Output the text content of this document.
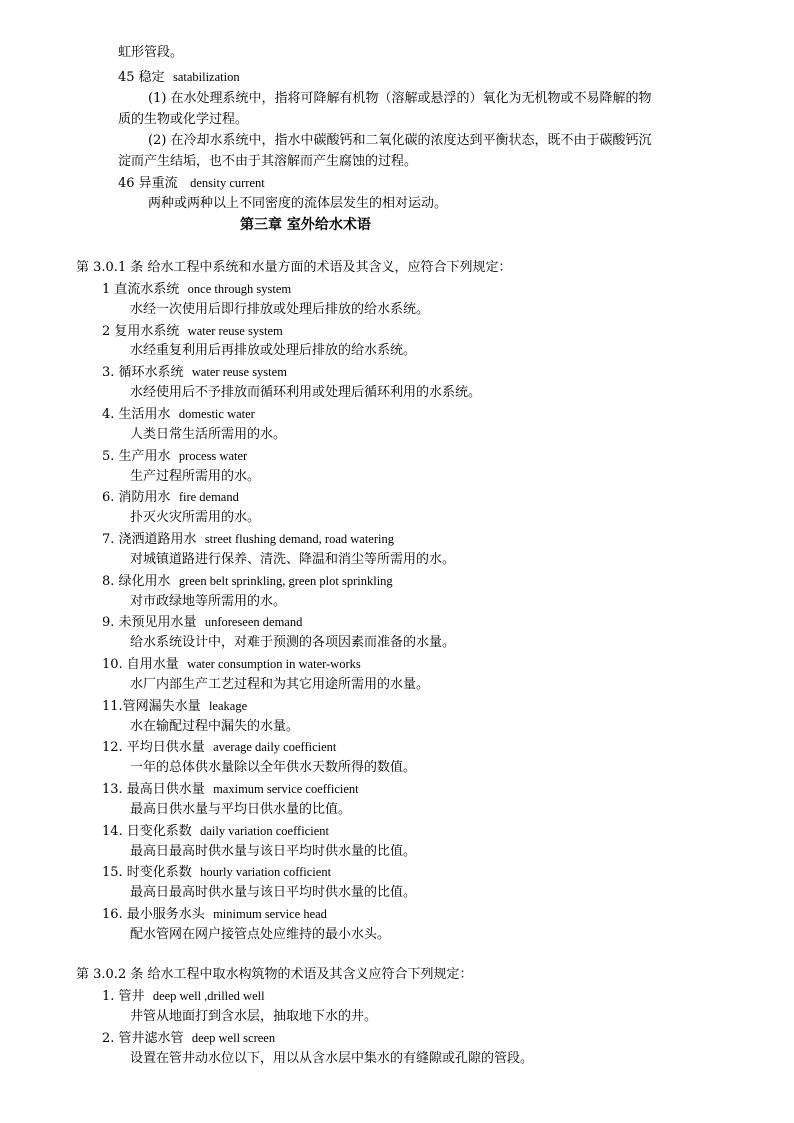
虹形管段。
45 稳定 satabilization
(1) 在水处理系统中，指将可降解有机物（溶解或悬浮的）氧化为无机物或不易降解的物
质的生物或化学过程。
(2) 在冷却水系统中，指水中碳酸钙和二氧化碳的浓度达到平衡状态，既不由于碳酸钙沉
淀而产生结垢，也不由于其溶解而产生腐蚀的过程。
46 异重流 density current
两种或两种以上不同密度的流体层发生的相对运动。
第三章 室外给水术语
第 3.0.1 条 给水工程中系统和水量方面的术语及其含义，应符合下列规定：
1 直流水系统 once through system
水经一次使用后即行排放或处理后排放的给水系统。
2 复用水系统 water reuse system
水经重复利用后再排放或处理后排放的给水系统。
3. 循环水系统 water reuse system
水经使用后不予排放而循环利用或处理后循环利用的水系统。
4. 生活用水 domestic water
人类日常生活所需用的水。
5. 生产用水 process water
生产过程所需用的水。
6. 消防用水 fire demand
扑灭火灾所需用的水。
7. 浇洒道路用水 street flushing demand, road watering
对城镇道路进行保养、清洗、降温和消尘等所需用的水。
8. 绿化用水 green belt sprinkling, green plot sprinkling
对市政绿地等所需用的水。
9. 未预见用水量 unforeseen demand
给水系统设计中，对难于预测的各项因素而准备的水量。
10. 自用水量 water consumption in water-works
水厂内部生产工艺过程和为其它用途所需用的水量。
11.管网漏失水量 leakage
水在输配过程中漏失的水量。
12. 平均日供水量 average daily coefficient
一年的总体供水量除以全年供水天数所得的数值。
13. 最高日供水量 maximum service coefficient
最高日供水量与平均日供水量的比值。
14. 日变化系数 daily variation coefficient
最高日最高时供水量与该日平均时供水量的比值。
15. 时变化系数 hourly variation cofficient
最高日最高时供水量与该日平均时供水量的比值。
16. 最小服务水头 minimum service head
配水管网在网户接管点处应维持的最小水头。
第 3.0.2 条 给水工程中取水构筑物的术语及其含义应符合下列规定：
1. 管井 deep well ,drilled well
井管从地面打到含水层，抽取地下水的井。
2. 管井滤水管 deep well screen
设置在管井动水位以下，用以从含水层中集水的有缝隙或孔隙的管段。
